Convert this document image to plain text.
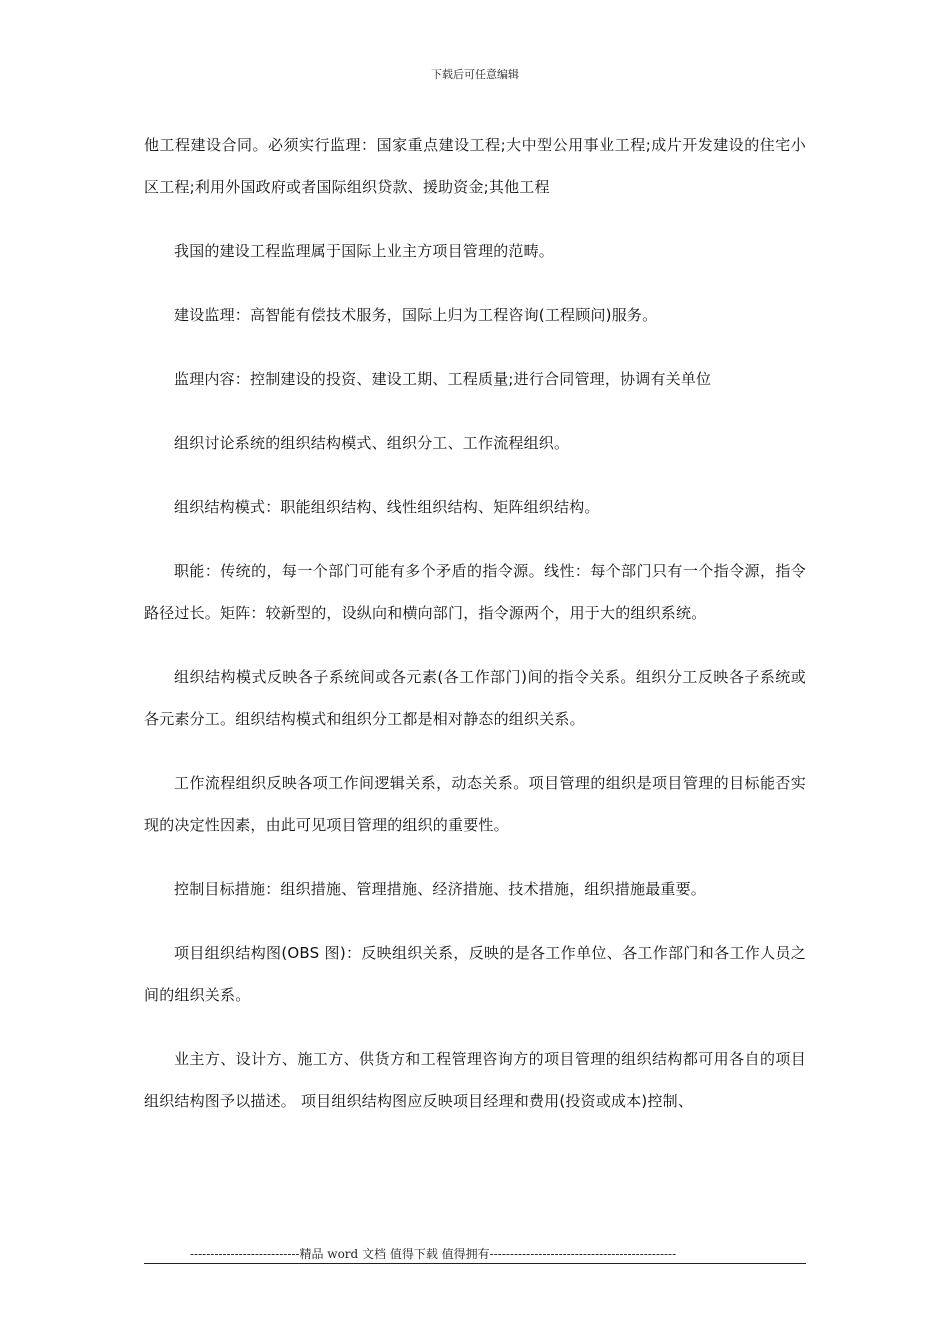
下载后可任意编辑

他工程建设合同。必须实行监理：国家重点建设工程;大中型公用事业工程;成片开发建设的住宅小区工程;利用外国政府或者国际组织贷款、援助资金;其他工程

我国的建设工程监理属于国际上业主方项目管理的范畴。

建设监理：高智能有偿技术服务，国际上归为工程咨询(工程顾问)服务。

监理内容：控制建设的投资、建设工期、工程质量;进行合同管理，协调有关单位

组织讨论系统的组织结构模式、组织分工、工作流程组织。

组织结构模式：职能组织结构、线性组织结构、矩阵组织结构。

职能：传统的，每一个部门可能有多个矛盾的指令源。线性：每个部门只有一个指令源，指令路径过长。矩阵：较新型的，设纵向和横向部门，指令源两个，用于大的组织系统。

组织结构模式反映各子系统间或各元素(各工作部门)间的指令关系。组织分工反映各子系统或各元素分工。组织结构模式和组织分工都是相对静态的组织关系。

工作流程组织反映各项工作间逻辑关系，动态关系。项目管理的组织是项目管理的目标能否实现的决定性因素，由此可见项目管理的组织的重要性。

控制目标措施：组织措施、管理措施、经济措施、技术措施，组织措施最重要。

项目组织结构图(OBS 图)：反映组织关系，反映的是各工作单位、各工作部门和各工作人员之间的组织关系。

业主方、设计方、施工方、供货方和工程管理咨询方的项目管理的组织结构都可用各自的项目组织结构图予以描述。 项目组织结构图应反映项目经理和费用(投资或成本)控制、

---------------------------精品 word 文档 值得下载 值得拥有----------------------------------------------
